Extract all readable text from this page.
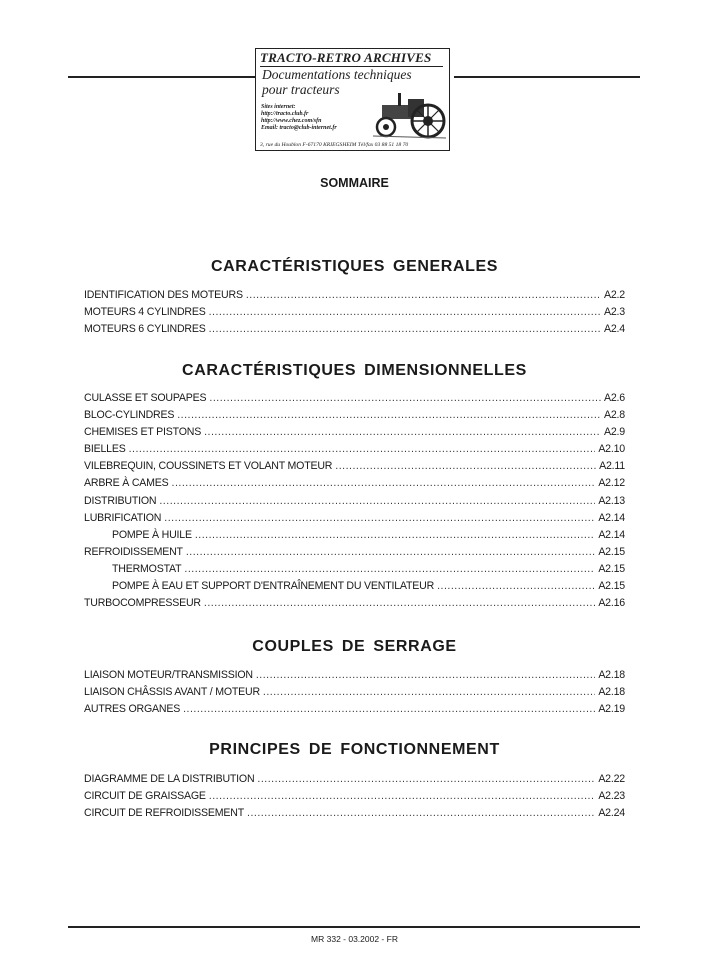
TRACTO-RETRO ARCHIVES
Documentations techniques
pour tracteurs
Sites internet:
http://tracto.club.fr
http://www.chez.com/sfn
Email: tracto@club-internet.fr
3, rue du Houblon F-67170 KRIEGSHEIM Tél/fax 03 88 51 18 70
SOMMAIRE
CARACTÉRISTIQUES GENERALES
IDENTIFICATION DES MOTEURS .....	A2.2
MOTEURS 4 CYLINDRES .....	A2.3
MOTEURS 6 CYLINDRES .....	A2.4
CARACTÉRISTIQUES DIMENSIONNELLES
CULASSE ET SOUPAPES .....	A2.6
BLOC-CYLINDRES .....	A2.8
CHEMISES ET PISTONS .....	A2.9
BIELLES .....	A2.10
VILEBREQUIN, COUSSINETS ET VOLANT MOTEUR .....	A2.11
ARBRE À CAMES .....	A2.12
DISTRIBUTION .....	A2.13
LUBRIFICATION .....	A2.14
POMPE À HUILE .....	A2.14
REFROIDISSEMENT .....	A2.15
THERMOSTAT .....	A2.15
POMPE À EAU ET SUPPORT D'ENTRAÎNEMENT DU VENTILATEUR .....	A2.15
TURBOCOMPRESSEUR .....	A2.16
COUPLES DE SERRAGE
LIAISON MOTEUR/TRANSMISSION .....	A2.18
LIAISON CHÂSSIS AVANT / MOTEUR .....	A2.18
AUTRES ORGANES .....	A2.19
PRINCIPES DE FONCTIONNEMENT
DIAGRAMME DE LA DISTRIBUTION .....	A2.22
CIRCUIT DE GRAISSAGE .....	A2.23
CIRCUIT DE REFROIDISSEMENT .....	A2.24
MR 332 - 03.2002 - FR
